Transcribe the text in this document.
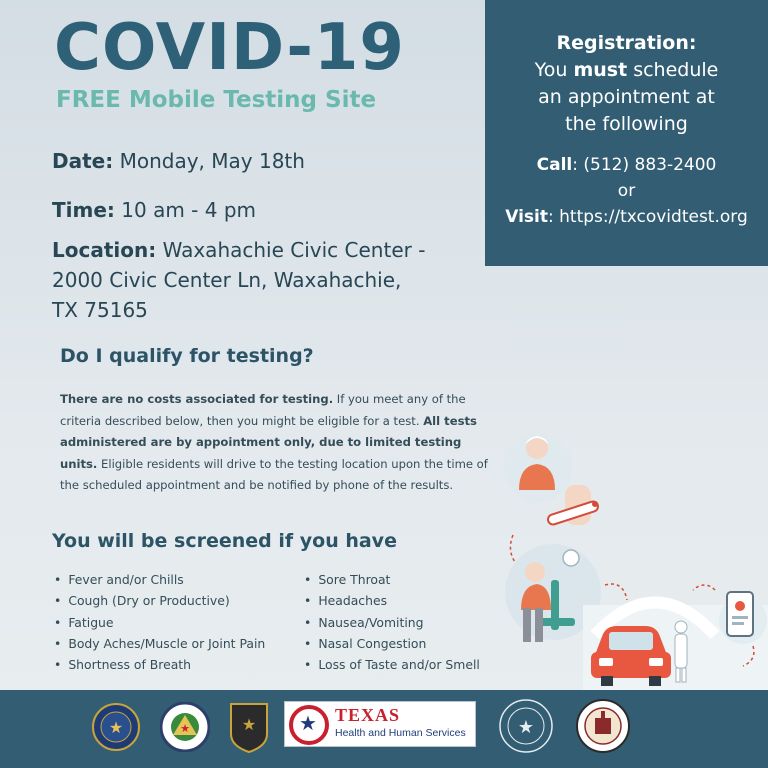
COVID-19
FREE Mobile Testing Site
Date: Monday, May 18th
Time: 10 am - 4 pm
Location: Waxahachie Civic Center -
2000 Civic Center Ln, Waxahachie,
TX 75165
Registration:
You must schedule
an appointment at
the following
Call: (512) 883-2400
or
Visit: https://txcovidtest.org
Do I qualify for testing?
There are no costs associated for testing. If you meet any of the criteria described below, then you might be eligible for a test. All tests administered are by appointment only, due to limited testing units. Eligible residents will drive to the testing location upon the time of the scheduled appointment and be notified by phone of the results.
You will be screened if you have
• Fever and/or Chills
• Cough (Dry or Productive)
• Fatigue
• Body Aches/Muscle or Joint Pain
• Shortness of Breath
• Sore Throat
• Headaches
• Nausea/Vomiting
• Nasal Congestion
• Loss of Taste and/or Smell
★	★	★
★	TEXAS
Health and Human Services	★
